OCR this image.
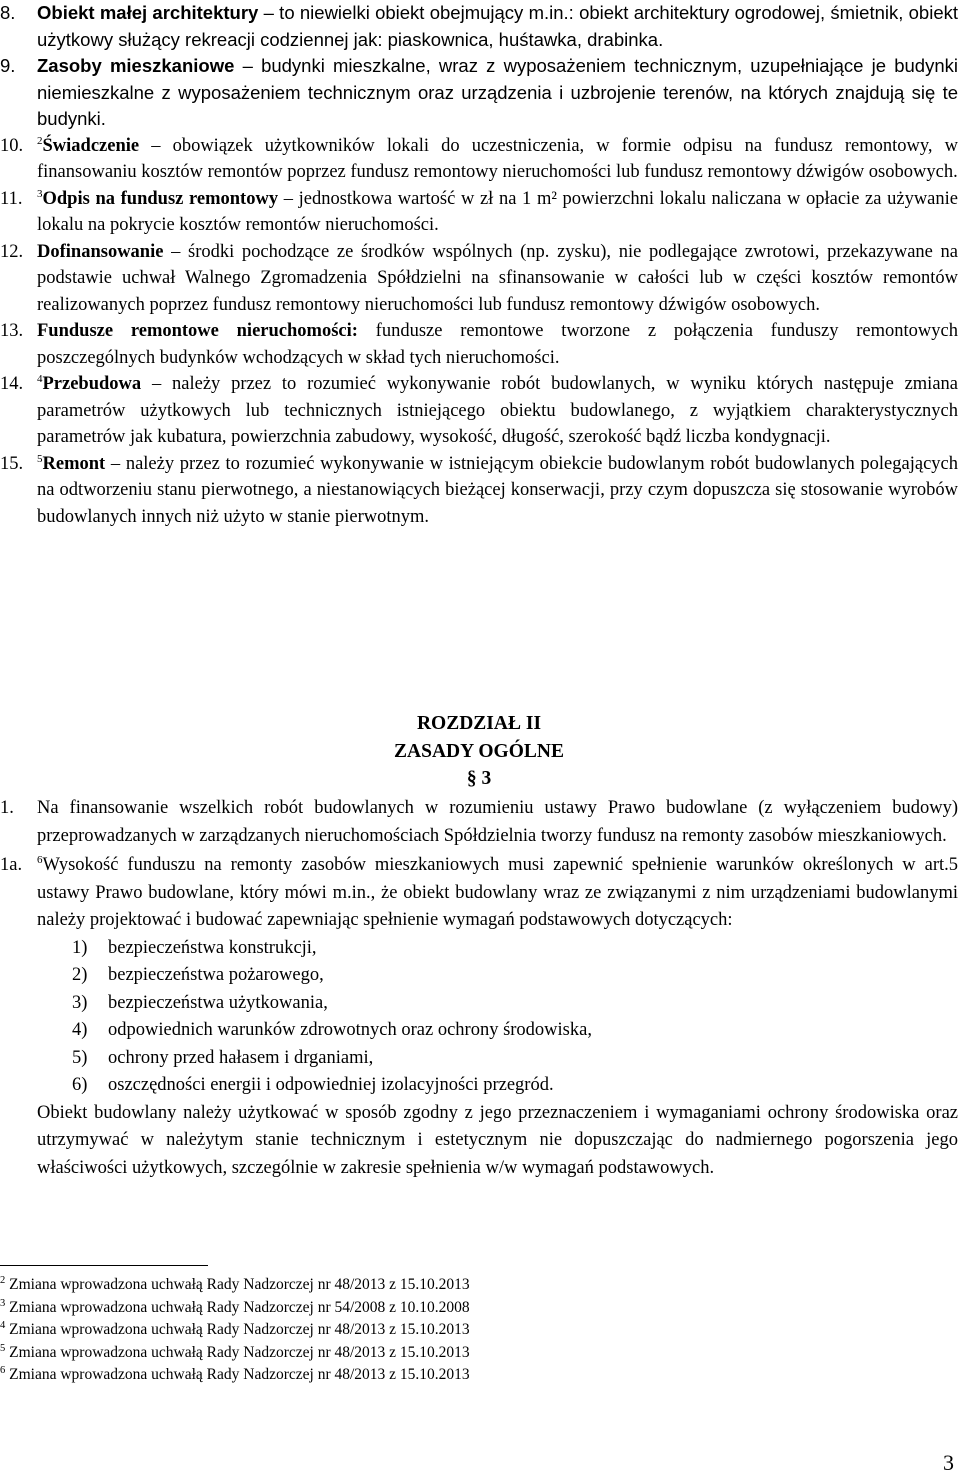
8. Obiekt małej architektury – to niewielki obiekt obejmujący m.in.: obiekt architektury ogrodowej, śmietnik, obiekt użytkowy służący rekreacji codziennej jak: piaskownica, huśtawka, drabinka.
9. Zasoby mieszkaniowe – budynki mieszkalne, wraz z wyposażeniem technicznym, uzupełniające je budynki niemieszkalne z wyposażeniem technicznym oraz urządzenia i uzbrojenie terenów, na których znajdują się te budynki.
10. $^2$Świadczenie – obowiązek użytkowników lokali do uczestniczenia, w formie odpisu na fundusz remontowy, w finansowaniu kosztów remontów poprzez fundusz remontowy nieruchomości lub fundusz remontowy dźwigów osobowych.
11. $^3$Odpis na fundusz remontowy – jednostkowa wartość w zł na 1 m² powierzchni lokalu naliczana w opłacie za używanie lokalu na pokrycie kosztów remontów nieruchomości.
12. Dofinansowanie – środki pochodzące ze środków wspólnych (np. zysku), nie podlegające zwrotowi, przekazywane na podstawie uchwał Walnego Zgromadzenia Spółdzielni na sfinansowanie w całości lub w części kosztów remontów realizowanych poprzez fundusz remontowy nieruchomości lub fundusz remontowy dźwigów osobowych.
13. Fundusze remontowe nieruchomości: fundusze remontowe tworzone z połączenia funduszy remontowych poszczególnych budynków wchodzących w skład tych nieruchomości.
14. $^4$Przebudowa – należy przez to rozumieć wykonywanie robót budowlanych, w wyniku których następuje zmiana parametrów użytkowych lub technicznych istniejącego obiektu budowlanego, z wyjątkiem charakterystycznych parametrów jak kubatura, powierzchnia zabudowy, wysokość, długość, szerokość bądź liczba kondygnacji.
15. $^5$Remont – należy przez to rozumieć wykonywanie w istniejącym obiekcie budowlanym robót budowlanych polegających na odtworzeniu stanu pierwotnego, a niestanowiących bieżącej konserwacji, przy czym dopuszcza się stosowanie wyrobów budowlanych innych niż użyto w stanie pierwotnym.
ROZDZIAŁ II
ZASADY OGÓLNE
§ 3
1. Na finansowanie wszelkich robót budowlanych w rozumieniu ustawy Prawo budowlane (z wyłączeniem budowy) przeprowadzanych w zarządzanych nieruchomościach Spółdzielnia tworzy fundusz na remonty zasobów mieszkaniowych.
1a. $^6$Wysokość funduszu na remonty zasobów mieszkaniowych musi zapewnić spełnienie warunków określonych w art.5 ustawy Prawo budowlane, który mówi m.in., że obiekt budowlany wraz ze związanymi z nim urządzeniami budowlanymi należy projektować i budować zapewniając spełnienie wymagań podstawowych dotyczących:
1) bezpieczeństwa konstrukcji,
2) bezpieczeństwa pożarowego,
3) bezpieczeństwa użytkowania,
4) odpowiednich warunków zdrowotnych oraz ochrony środowiska,
5) ochrony przed hałasem i drganiami,
6) oszczędności energii i odpowiedniej izolacyjności przegród.
Obiekt budowlany należy użytkować w sposób zgodny z jego przeznaczeniem i wymaganiami ochrony środowiska oraz utrzymywać w należytym stanie technicznym i estetycznym nie dopuszczając do nadmiernego pogorszenia jego właściwości użytkowych, szczególnie w zakresie spełnienia w/w wymagań podstawowych.
$^2$ Zmiana wprowadzona uchwałą Rady Nadzorczej nr 48/2013 z 15.10.2013
$^3$ Zmiana wprowadzona uchwałą Rady Nadzorczej nr 54/2008 z 10.10.2008
$^4$ Zmiana wprowadzona uchwałą Rady Nadzorczej nr 48/2013 z 15.10.2013
$^5$ Zmiana wprowadzona uchwałą Rady Nadzorczej nr 48/2013 z 15.10.2013
$^6$ Zmiana wprowadzona uchwałą Rady Nadzorczej nr 48/2013 z 15.10.2013
3
